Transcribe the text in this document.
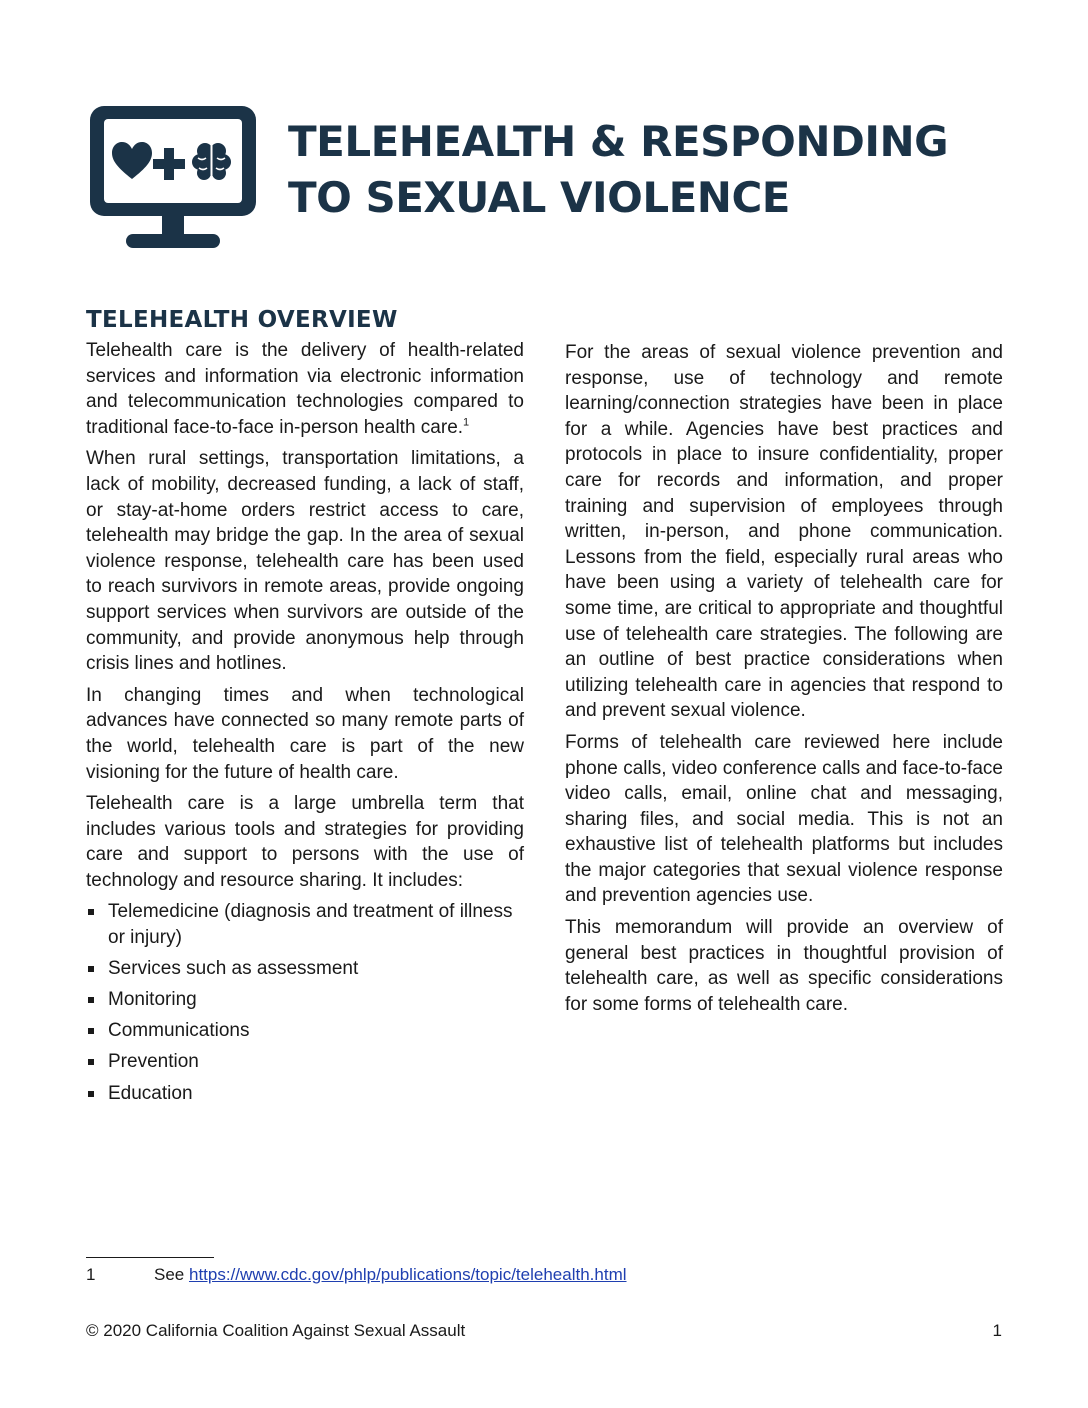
TELEHEALTH & RESPONDING
TO SEXUAL VIOLENCE
TELEHEALTH OVERVIEW

Telehealth care is the delivery of health-related services and information via electronic information and telecommunication technologies compared to traditional face-to-face in-person health care.$^1$

When rural settings, transportation limitations, a lack of mobility, decreased funding, a lack of staff, or stay-at-home orders restrict access to care, telehealth may bridge the gap. In the area of sexual violence response, telehealth care has been used to reach survivors in remote areas, provide ongoing support services when survivors are outside of the community, and provide anonymous help through crisis lines and hotlines.

In changing times and when technological advances have connected so many remote parts of the world, telehealth care is part of the new visioning for the future of health care.

Telehealth care is a large umbrella term that includes various tools and strategies for providing care and support to persons with the use of technology and resource sharing. It includes:

Telemedicine (diagnosis and treatment of illness or injury)
Services such as assessment
Monitoring
Communications
Prevention
Education

For the areas of sexual violence prevention and response, use of technology and remote learning/connection strategies have been in place for a while. Agencies have best practices and protocols in place to insure confidentiality, proper care for records and information, and proper training and supervision of employees through written, in-person, and phone communication. Lessons from the field, especially rural areas who have been using a variety of telehealth care for some time, are critical to appropriate and thoughtful use of telehealth care strategies. The following are an outline of best practice considerations when utilizing telehealth care in agencies that respond to and prevent sexual violence.

Forms of telehealth care reviewed here include phone calls, video conference calls and face-to-face video calls, email, online chat and messaging, sharing files, and social media. This is not an exhaustive list of telehealth platforms but includes the major categories that sexual violence response and prevention agencies use.

This memorandum will provide an overview of general best practices in thoughtful provision of telehealth care, as well as specific considerations for some forms of telehealth care.

1	See https://www.cdc.gov/phlp/publications/topic/telehealth.html
© 2020 California Coalition Against Sexual Assault	1
